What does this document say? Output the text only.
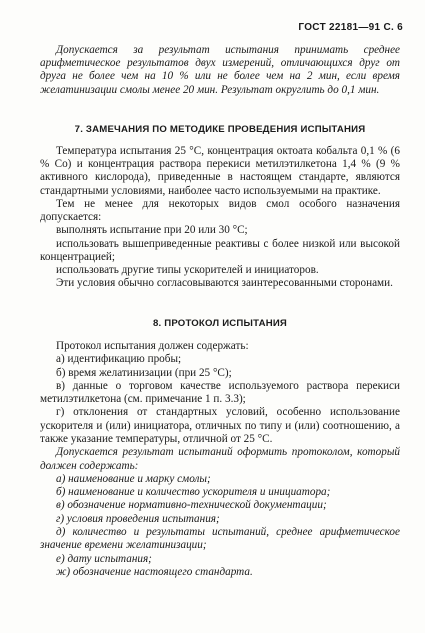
ГОСТ 22181—91 С. 6

Допускается за результат испытания принимать среднее арифметическое результатов двух измерений, отличающихся друг от друга не более чем на 10 % или не более чем на 2 мин, если время желатинизации смолы менее 20 мин. Результат округлить до 0,1 мин.

7. ЗАМЕЧАНИЯ ПО МЕТОДИКЕ ПРОВЕДЕНИЯ ИСПЫТАНИЯ

Температура испытания 25 °С, концентрация октоата кобальта 0,1 % (6 % Со) и концентрация раствора перекиси метилэтилкетона 1,4 % (9 % активного кислорода), приведенные в настоящем стандарте, являются стандартными условиями, наиболее часто используемыми на практике.

Тем не менее для некоторых видов смол особого назначения допускается:

выполнять испытание при 20 или 30 °С;

использовать вышеприведенные реактивы с более низкой или высокой концентрацией;

использовать другие типы ускорителей и инициаторов.

Эти условия обычно согласовываются заинтересованными сторонами.

8. ПРОТОКОЛ ИСПЫТАНИЯ

Протокол испытания должен содержать:

а) идентификацию пробы;

б) время желатинизации (при 25 °С);

в) данные о торговом качестве используемого раствора перекиси метилэтилкетона (см. примечание 1 п. 3.3);

г) отклонения от стандартных условий, особенно использование ускорителя и (или) инициатора, отличных по типу и (или) соотношению, а также указание температуры, отличной от 25 °С.

Допускается результат испытаний оформить протоколом, который должен содержать:

а) наименование и марку смолы;

б) наименование и количество ускорителя и инициатора;

в) обозначение нормативно-технической документации;

г) условия проведения испытания;

д) количество и результаты испытаний, среднее арифметическое значение времени желатинизации;

е) дату испытания;

ж) обозначение настоящего стандарта.
